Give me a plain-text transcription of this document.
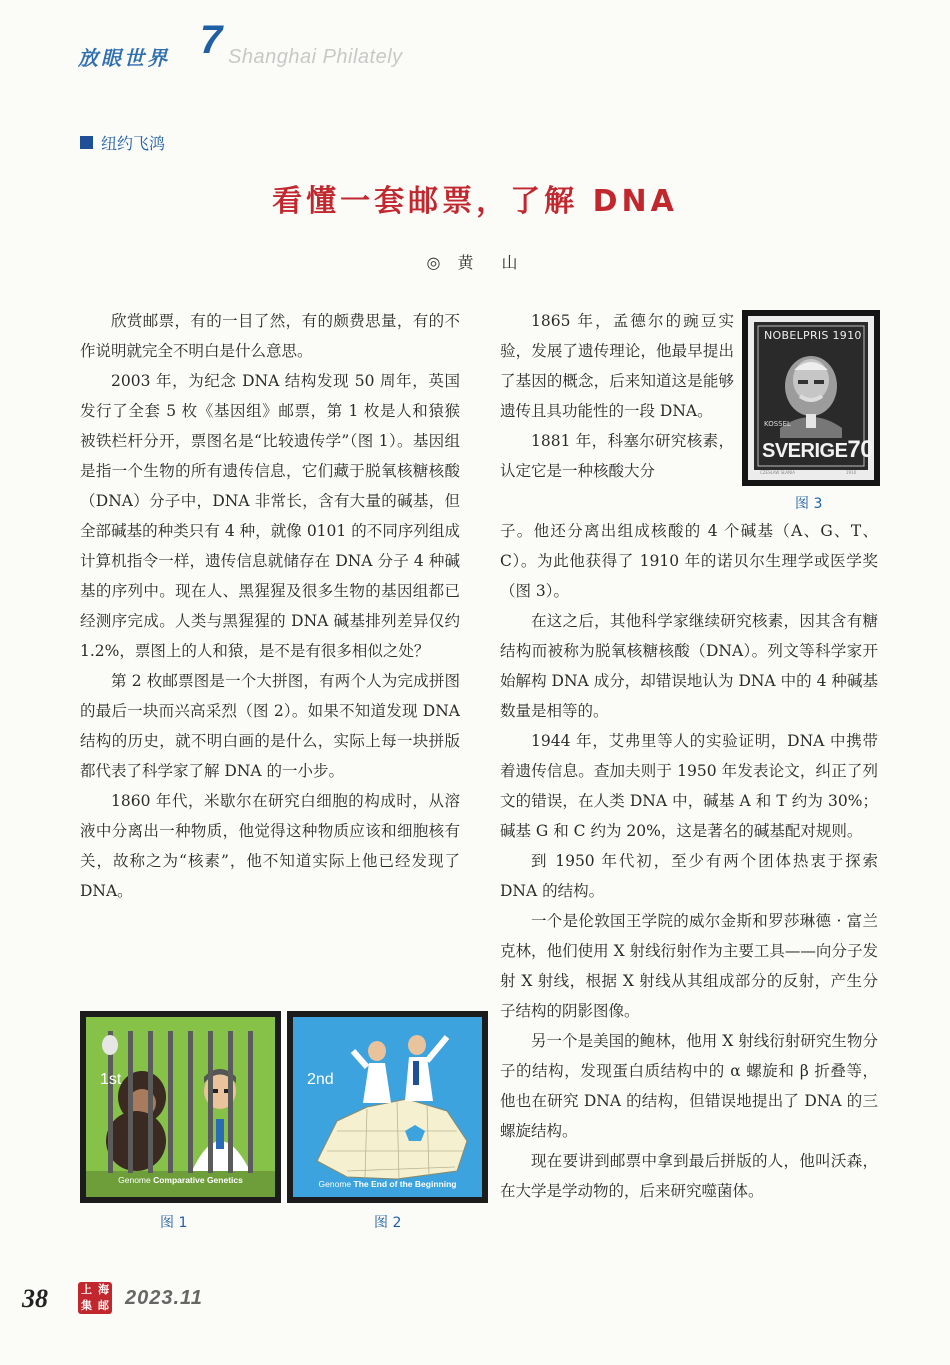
放眼世界 7 Shanghai Philately
纽约飞鸿
看懂一套邮票，了解 DNA
◎ 黄　山

欣赏邮票，有的一目了然，有的颇费思量，有的不作说明就完全不明白是什么意思。

2003 年，为纪念 DNA 结构发现 50 周年，英国发行了全套 5 枚《基因组》邮票，第 1 枚是人和猿猴被铁栏杆分开，票图名是“比较遗传学”（图 1）。基因组是指一个生物的所有遗传信息，它们藏于脱氧核糖核酸（DNA）分子中，DNA 非常长，含有大量的碱基，但全部碱基的种类只有 4 种，就像 0101 的不同序列组成计算机指令一样，遗传信息就储存在 DNA 分子 4 种碱基的序列中。现在人、黑猩猩及很多生物的基因组都已经测序完成。人类与黑猩猩的 DNA 碱基排列差异仅约 1.2%，票图上的人和猿，是不是有很多相似之处？

第 2 枚邮票图是一个大拼图，有两个人为完成拼图的最后一块而兴高采烈（图 2）。如果不知道发现 DNA 结构的历史，就不明白画的是什么，实际上每一块拼版都代表了科学家了解 DNA 的一小步。

1860 年代，米歇尔在研究白细胞的构成时，从溶液中分离出一种物质，他觉得这种物质应该和细胞核有关，故称之为“核素”，他不知道实际上他已经发现了 DNA。

1865 年，孟德尔的豌豆实验，发展了遗传理论，他最早提出了基因的概念，后来知道这是能够遗传且具功能性的一段 DNA。

1881 年，科塞尔研究核素，认定它是一种核酸大分

子。他还分离出组成核酸的 4 个碱基（A、G、T、C）。为此他获得了 1910 年的诺贝尔生理学或医学奖（图 3）。

在这之后，其他科学家继续研究核素，因其含有糖结构而被称为脱氧核糖核酸（DNA）。列文等科学家开始解构 DNA 成分，却错误地认为 DNA 中的 4 种碱基数量是相等的。

1944 年，艾弗里等人的实验证明，DNA 中携带着遗传信息。查加夫则于 1950 年发表论文，纠正了列文的错误，在人类 DNA 中，碱基 A 和 T 约为 30%；碱基 G 和 C 约为 20%，这是著名的碱基配对规则。

到 1950 年代初，至少有两个团体热衷于探索 DNA 的结构。

一个是伦敦国王学院的威尔金斯和罗莎琳德 · 富兰克林，他们使用 X 射线衍射作为主要工具——向分子发射 X 射线，根据 X 射线从其组成部分的反射，产生分子结构的阴影图像。

另一个是美国的鲍林，他用 X 射线衍射研究生物分子的结构，发现蛋白质结构中的 α 螺旋和 β 折叠等，他也在研究 DNA 的结构，但错误地提出了 DNA 的三螺旋结构。

现在要讲到邮票中拿到最后拼版的人，他叫沃森，在大学是学动物的，后来研究噬菌体。

NOBELPRIS 1910
KOSSEL
SVERIGE70
CZESŁAW SŁANIA	1910
图 3
1st
Genome Comparative Genetics
图 1
2nd
Genome The End of the Beginning
图 2
38	上 海
集 邮 2023.11
